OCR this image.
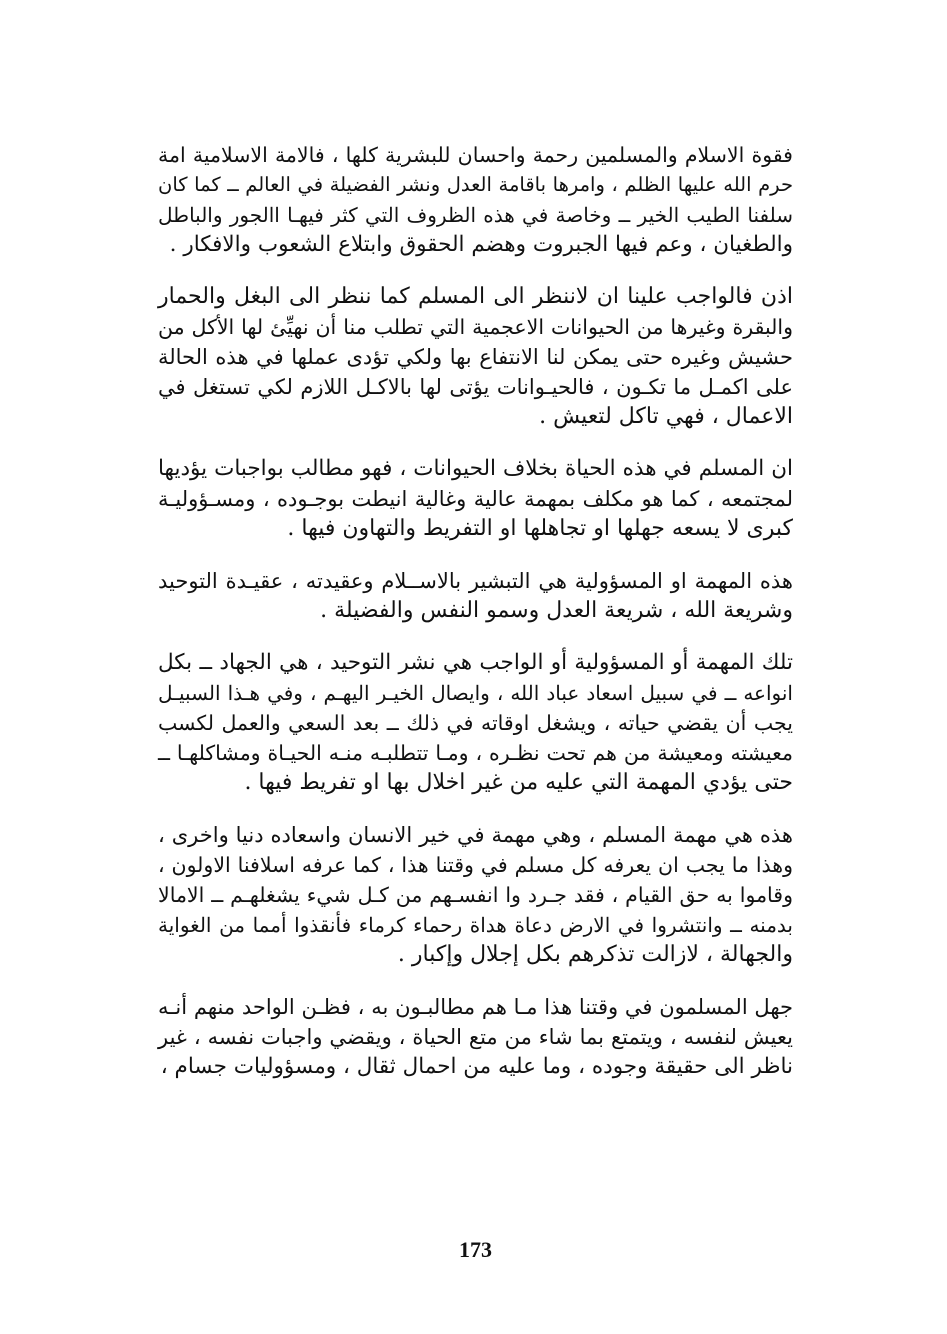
فقوة الاسلام والمسلمين رحمة واحسان للبشرية كلها ، فالامة الاسلامية امة
حرم الله عليها الظلم ، وامرها باقامة العدل ونشر الفضيلة في العالم ــ كما كان
سلفنا الطيب الخير ــ وخاصة في هذه الظروف التي كثر فيهـا االجور والباطل
والطغيان ، وعم فيها الجبروت وهضم الحقوق وابتلاع الشعوب والافكار .
اذن فالواجب علينا ان لاننظر الى المسلم كما ننظر الى البغل والحمار
والبقرة وغيرها من الحيوانات الاعجمية التي تطلب منا أن نهيِّئ لها الأكل من
حشيش وغيره حتى يمكن لنا الانتفاع بها ولكي تؤدى عملها في هذه الحالة
على اكمـل ما تكـون ، فالحيـوانات يؤتى لها بالاكـل اللازم لكي تستغل في
الاعمال ، فهي تاكل لتعيش .
ان المسلم في هذه الحياة بخلاف الحيوانات ، فهو مطالب بواجبات يؤديها
لمجتمعه ، كما هو مكلف بمهمة عالية وغالية انيطت بوجـوده ، ومسـؤوليـة
كبرى لا يسعه جهلها او تجاهلها او التفريط والتهاون فيها .
هذه المهمة او المسؤولية هي التبشير بالاســلام وعقيدته ، عقيـدة التوحيد
وشريعة الله ، شريعة العدل وسمو النفس والفضيلة .
تلك المهمة أو المسؤولية أو الواجب هي نشر التوحيد ، هي الجهاد ــ بكل
انواعه ــ في سبيل اسعاد عباد الله ، وايصال الخيـر اليهـم ، وفي هـذا السبيـل
يجب أن يقضي حياته ، ويشغل اوقاته في ذلك ــ بعد السعي والعمل لكسب
معيشته ومعيشة من هم تحت نظـره ، ومـا تتطلبـه منـه الحيـاة ومشاكلهـا ــ
حتى يؤدي المهمة التي عليه من غير اخلال بها او تفريط فيها .
هذه هي مهمة المسلم ، وهي مهمة في خير الانسان واسعاده دنيا واخرى ،
وهذا ما يجب ان يعرفه كل مسلم في وقتنا هذا ، كما عرفه اسلافنا الاولون ،
وقاموا به حق القيام ، فقد جـرد وا انفسـهم من كـل شيء يشغلهـم ــ الامالا
بدمنه ــ وانتشروا في الارض دعاة هداة رحماء كرماء فأنقذوا أمما من الغواية
والجهالة ، لازالت تذكرهم بكل إجلال وإكبار .
جهل المسلمون في وقتنا هذا مـا هم مطالبـون به ، فظـن الواحد منهم أنـه
يعيش لنفسه ، ويتمتع بما شاء من متع الحياة ، ويقضي واجبات نفسه ، غير
ناظر الى حقيقة وجوده ، وما عليه من احمال ثقال ، ومسؤوليات جسام ،
173
